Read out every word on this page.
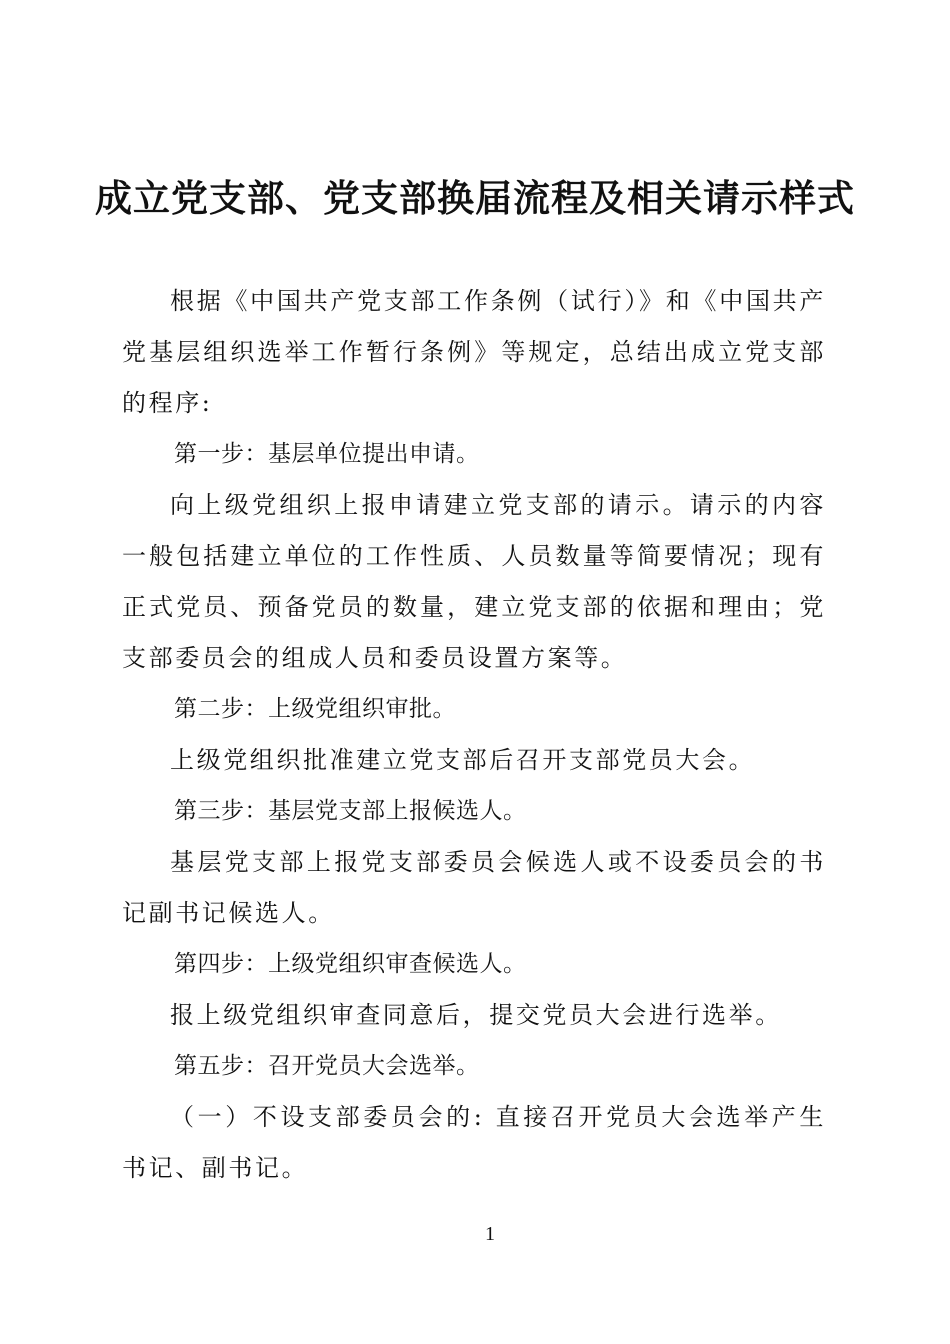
成立党支部、党支部换届流程及相关请示样式

根据《中国共产党支部工作条例（试行）》和《中国共产党基层组织选举工作暂行条例》等规定，总结出成立党支部的程序:

第一步：基层单位提出申请。

向上级党组织上报申请建立党支部的请示。请示的内容一般包括建立单位的工作性质、人员数量等简要情况；现有正式党员、预备党员的数量，建立党支部的依据和理由；党支部委员会的组成人员和委员设置方案等。

第二步：上级党组织审批。

上级党组织批准建立党支部后召开支部党员大会。

第三步：基层党支部上报候选人。

基层党支部上报党支部委员会候选人或不设委员会的书记副书记候选人。

第四步：上级党组织审查候选人。

报上级党组织审查同意后，提交党员大会进行选举。

第五步：召开党员大会选举。

（一）不设支部委员会的: 直接召开党员大会选举产生书记、副书记。

1
